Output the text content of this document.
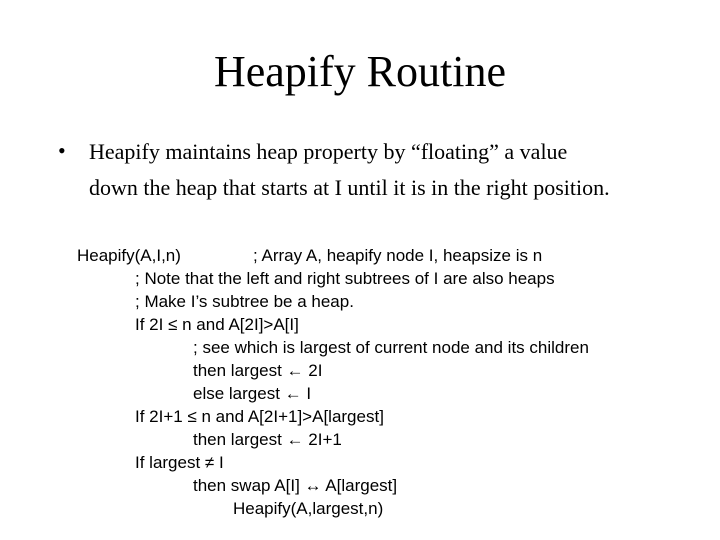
Heapify Routine
• Heapify maintains heap property by “floating” a value
down the heap that starts at I until it is in the right position.
Heapify(A,I,n)	; Array A, heapify node I, heapsize is n
; Note that the left and right subtrees of I are also heaps
; Make I’s subtree be a heap.
If 2I ≤ n and A[2I]>A[I]
; see which is largest of current node and its children
then largest ← 2I
else largest ← I
If 2I+1 ≤ n and A[2I+1]>A[largest]
then largest ← 2I+1
If largest ≠ I
then swap A[I] ↔ A[largest]
Heapify(A,largest,n)
